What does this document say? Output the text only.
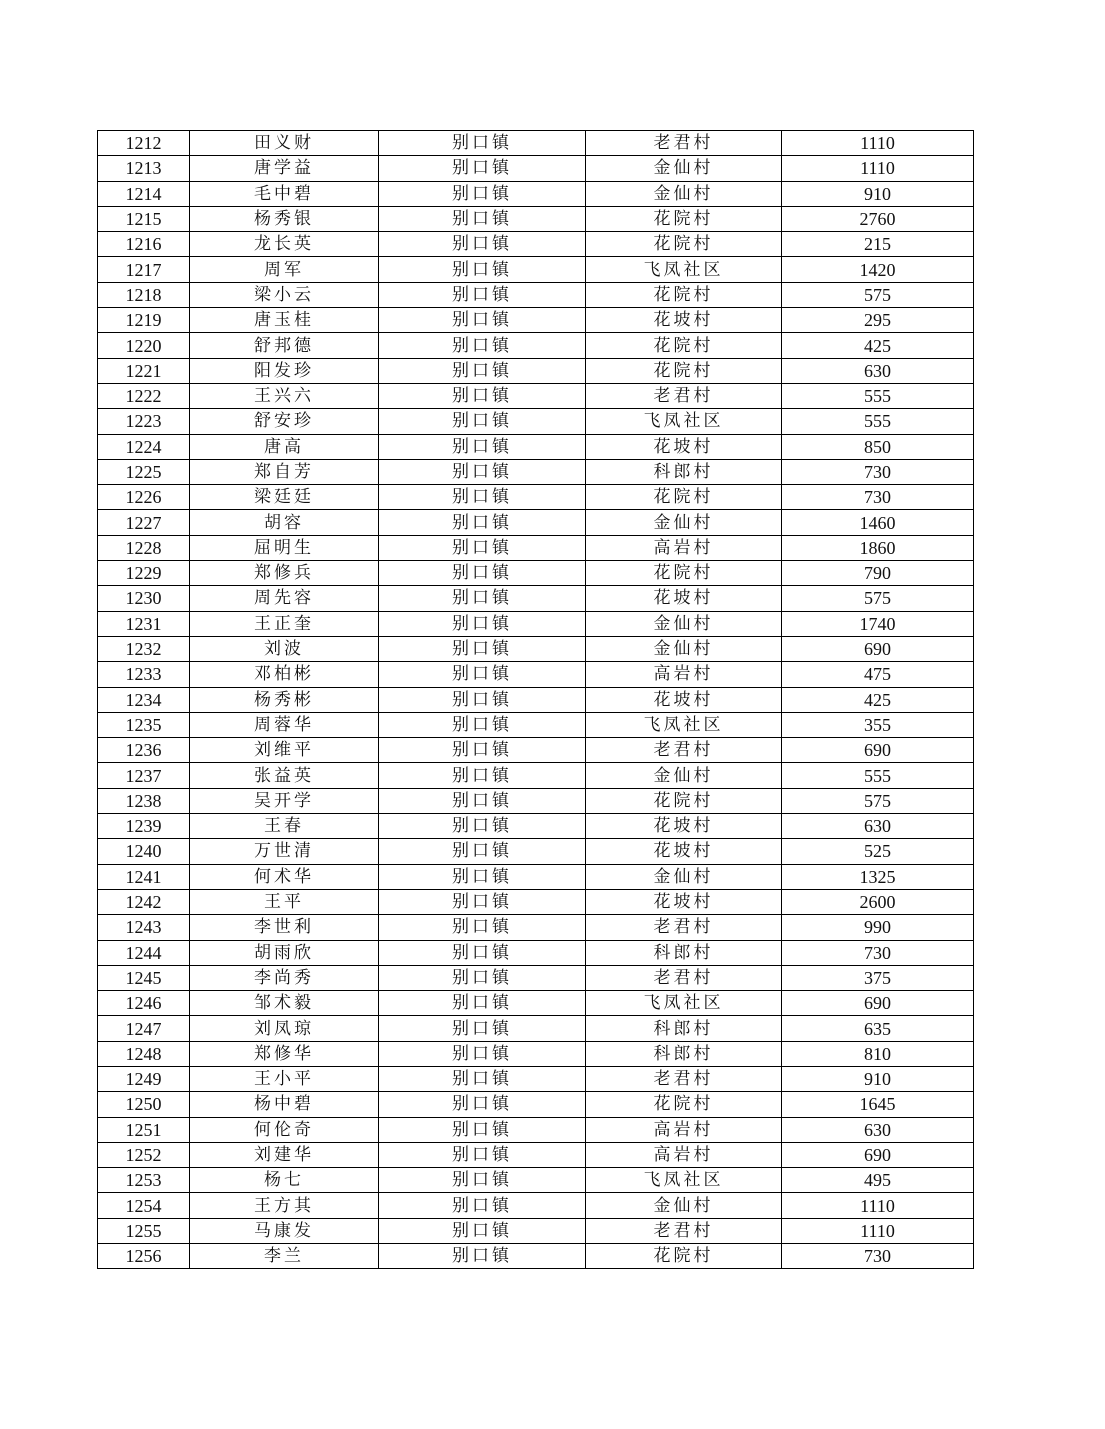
1212	田义财	别口镇	老君村	1110
1213	唐学益	别口镇	金仙村	1110
1214	毛中碧	别口镇	金仙村	910
1215	杨秀银	别口镇	花院村	2760
1216	龙长英	别口镇	花院村	215
1217	周军	别口镇	飞凤社区	1420
1218	梁小云	别口镇	花院村	575
1219	唐玉桂	别口镇	花坡村	295
1220	舒邦德	别口镇	花院村	425
1221	阳发珍	别口镇	花院村	630
1222	王兴六	别口镇	老君村	555
1223	舒安珍	别口镇	飞凤社区	555
1224	唐高	别口镇	花坡村	850
1225	郑自芳	别口镇	科郎村	730
1226	梁廷廷	别口镇	花院村	730
1227	胡容	别口镇	金仙村	1460
1228	屈明生	别口镇	高岩村	1860
1229	郑修兵	别口镇	花院村	790
1230	周先容	别口镇	花坡村	575
1231	王正奎	别口镇	金仙村	1740
1232	刘波	别口镇	金仙村	690
1233	邓柏彬	别口镇	高岩村	475
1234	杨秀彬	别口镇	花坡村	425
1235	周蓉华	别口镇	飞凤社区	355
1236	刘维平	别口镇	老君村	690
1237	张益英	别口镇	金仙村	555
1238	吴开学	别口镇	花院村	575
1239	王春	别口镇	花坡村	630
1240	万世清	别口镇	花坡村	525
1241	何术华	别口镇	金仙村	1325
1242	王平	别口镇	花坡村	2600
1243	李世利	别口镇	老君村	990
1244	胡雨欣	别口镇	科郎村	730
1245	李尚秀	别口镇	老君村	375
1246	邹术毅	别口镇	飞凤社区	690
1247	刘凤琼	别口镇	科郎村	635
1248	郑修华	别口镇	科郎村	810
1249	王小平	别口镇	老君村	910
1250	杨中碧	别口镇	花院村	1645
1251	何伦奇	别口镇	高岩村	630
1252	刘建华	别口镇	高岩村	690
1253	杨七	别口镇	飞凤社区	495
1254	王方其	别口镇	金仙村	1110
1255	马康发	别口镇	老君村	1110
1256	李兰	别口镇	花院村	730
